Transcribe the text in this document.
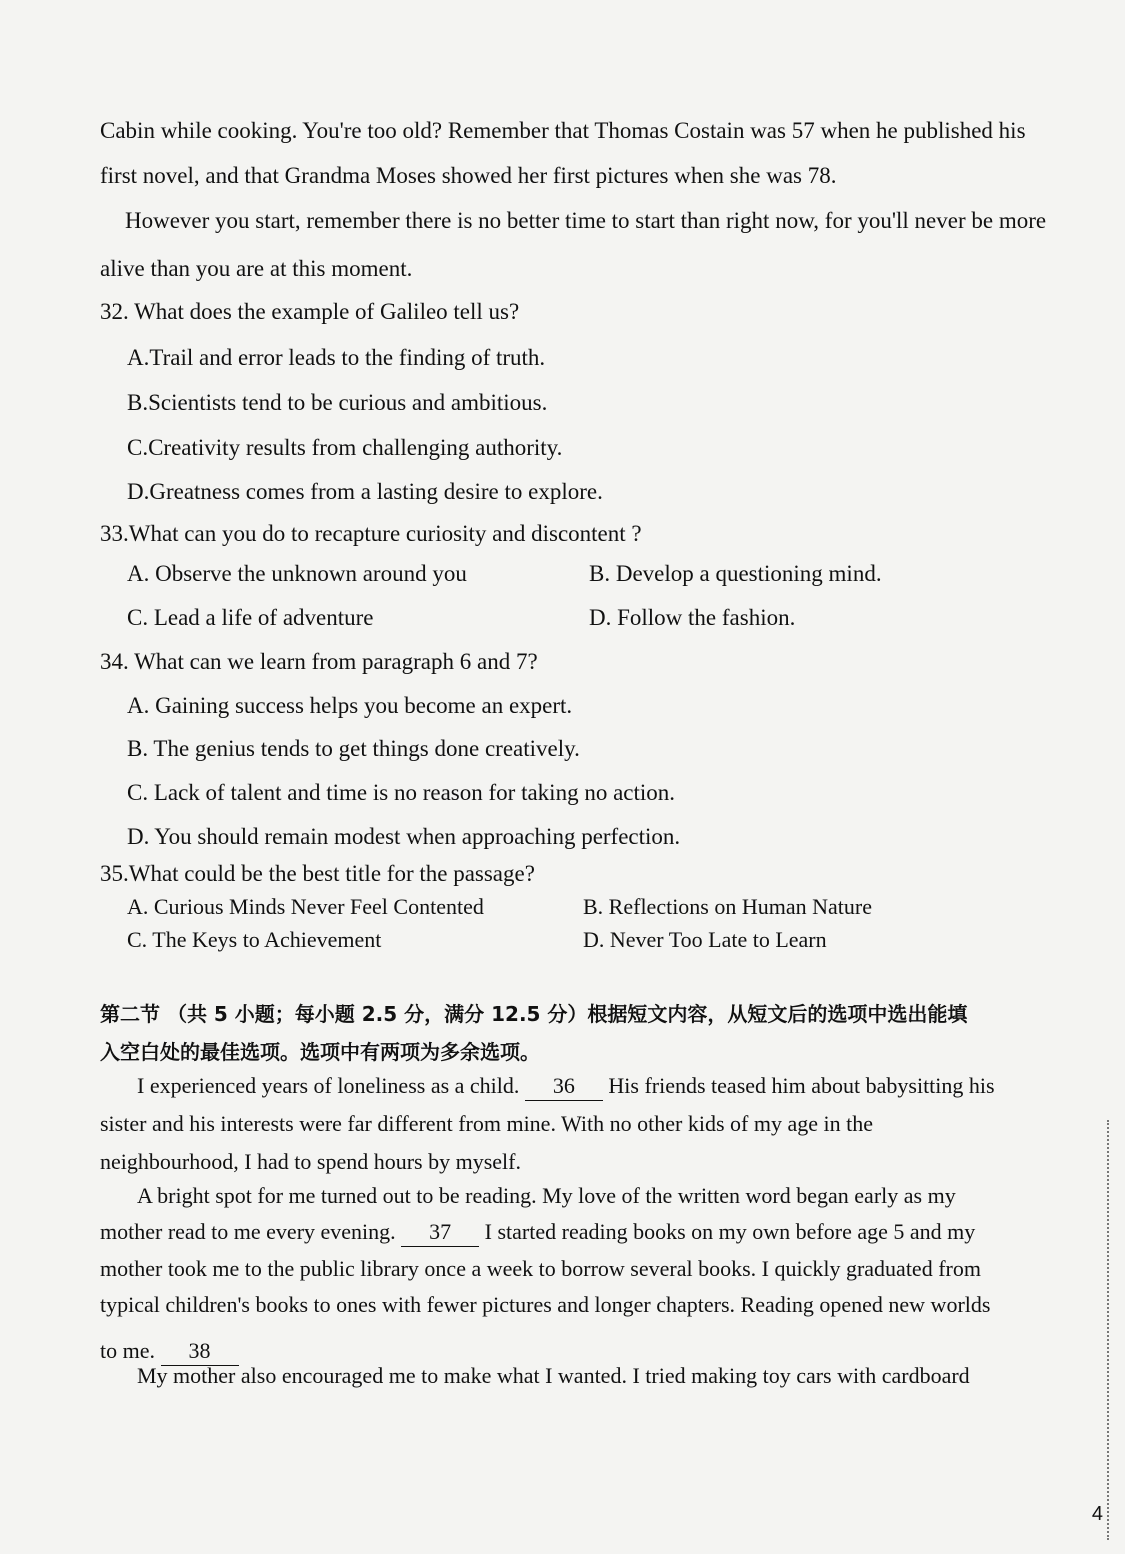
Cabin while cooking. You're too old? Remember that Thomas Costain was 57 when he published his
first novel, and that Grandma Moses showed her first pictures when she was 78.
However you start, remember there is no better time to start than right now, for you'll never be more
alive than you are at this moment.
32. What does the example of Galileo tell us?
A.Trail and error leads to the finding of truth.
B.Scientists tend to be curious and ambitious.
C.Creativity results from challenging authority.
D.Greatness comes from a lasting desire to explore.
33.What can you do to recapture curiosity and discontent ?
A. Observe the unknown around you	B. Develop a questioning mind.
C. Lead a life of adventure	D. Follow the fashion.
34. What can we learn from paragraph 6 and 7?
A. Gaining success helps you become an expert.
B. The genius tends to get things done creatively.
C. Lack of talent and time is no reason for taking no action.
D. You should remain modest when approaching perfection.
35.What could be the best title for the passage?
A. Curious Minds Never Feel Contented	B. Reflections on Human Nature
C. The Keys to Achievement	D. Never Too Late to Learn
第二节 （共 5 小题；每小题 2.5 分，满分 12.5 分）根据短文内容，从短文后的选项中选出能填
入空白处的最佳选项。选项中有两项为多余选项。
I experienced years of loneliness as a child. 36 His friends teased him about babysitting his
sister and his interests were far different from mine. With no other kids of my age in the
neighbourhood, I had to spend hours by myself.
A bright spot for me turned out to be reading. My love of the written word began early as my
mother read to me every evening. 37 I started reading books on my own before age 5 and my
mother took me to the public library once a week to borrow several books. I quickly graduated from
typical children's books to ones with fewer pictures and longer chapters. Reading opened new worlds
to me. 38
My mother also encouraged me to make what I wanted. I tried making toy cars with cardboard
4
